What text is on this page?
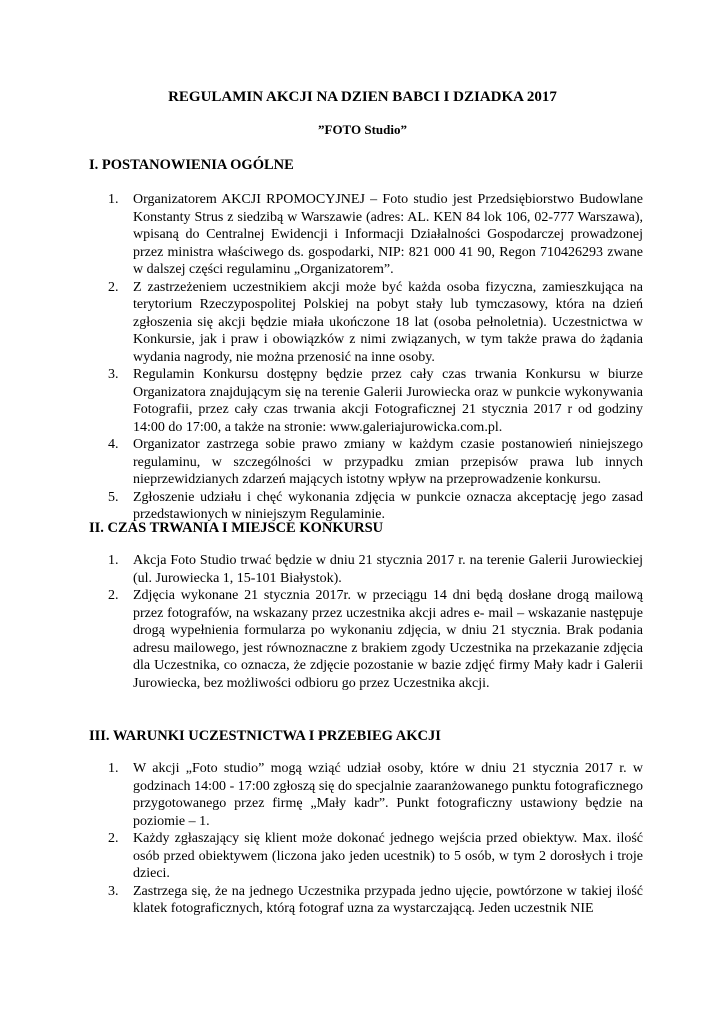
REGULAMIN AKCJI NA DZIEN BABCI I DZIADKA 2017
”FOTO Studio”
I. POSTANOWIENIA OGÓLNE
1. Organizatorem AKCJI RPOMOCYJNEJ – Foto studio jest Przedsiębiorstwo Budowlane Konstanty Strus z siedzibą w Warszawie (adres: AL. KEN 84 lok 106, 02-777 Warszawa), wpisaną do Centralnej Ewidencji i Informacji Działalności Gospodarczej prowadzonej przez ministra właściwego ds. gospodarki, NIP: 821 000 41 90, Regon 710426293 zwane w dalszej części regulaminu „Organizatorem”.
2. Z zastrzeżeniem uczestnikiem akcji może być każda osoba fizyczna, zamieszkująca na terytorium Rzeczypospolitej Polskiej na pobyt stały lub tymczasowy, która na dzień zgłoszenia się akcji będzie miała ukończone 18 lat (osoba pełnoletnia). Uczestnictwa w Konkursie, jak i praw i obowiązków z nimi związanych, w tym także prawa do żądania wydania nagrody, nie można przenosić na inne osoby.
3. Regulamin Konkursu dostępny będzie przez cały czas trwania Konkursu w biurze Organizatora znajdującym się na terenie Galerii Jurowiecka oraz w punkcie wykonywania Fotografii, przez cały czas trwania akcji Fotograficznej 21 stycznia 2017 r od godziny 14:00 do 17:00, a także na stronie: www.galeriajurowicka.com.pl.
4. Organizator zastrzega sobie prawo zmiany w każdym czasie postanowień niniejszego regulaminu, w szczególności w przypadku zmian przepisów prawa lub innych nieprzewidzianych zdarzeń mających istotny wpływ na przeprowadzenie konkursu.
5. Zgłoszenie udziału i chęć wykonania zdjęcia w punkcie oznacza akceptację jego zasad przedstawionych w niniejszym Regulaminie.
II. CZAS TRWANIA I MIEJSCE KONKURSU
1. Akcja Foto Studio trwać będzie w dniu 21 stycznia 2017 r. na terenie Galerii Jurowieckiej (ul. Jurowiecka 1, 15-101 Białystok).
2. Zdjęcia wykonane 21 stycznia 2017r. w przeciągu 14 dni będą dosłane drogą mailową przez fotografów, na wskazany przez uczestnika akcji adres e- mail – wskazanie następuje drogą wypełnienia formularza po wykonaniu zdjęcia, w dniu 21 stycznia. Brak podania adresu mailowego, jest równoznaczne z brakiem zgody Uczestnika na przekazanie zdjęcia dla Uczestnika, co oznacza, że zdjęcie pozostanie w bazie zdjęć firmy Mały kadr i Galerii Jurowiecka, bez możliwości odbioru go przez Uczestnika akcji.
III. WARUNKI UCZESTNICTWA I PRZEBIEG AKCJI
1. W akcji „Foto studio” mogą wziąć udział osoby, które w dniu 21 stycznia 2017 r. w godzinach 14:00 - 17:00 zgłoszą się do specjalnie zaaranżowanego punktu fotograficznego przygotowanego przez firmę „Mały kadr”. Punkt fotograficzny ustawiony będzie na poziomie – 1.
2. Każdy zgłaszający się klient może dokonać jednego wejścia przed obiektyw. Max. ilość osób przed obiektywem (liczona jako jeden ucestnik) to 5 osób, w tym 2 dorosłych i troje dzieci.
3. Zastrzega się, że na jednego Uczestnika przypada jedno ujęcie, powtórzone w takiej ilość klatek fotograficznych, którą fotograf uzna za wystarczającą. Jeden uczestnik NIE
